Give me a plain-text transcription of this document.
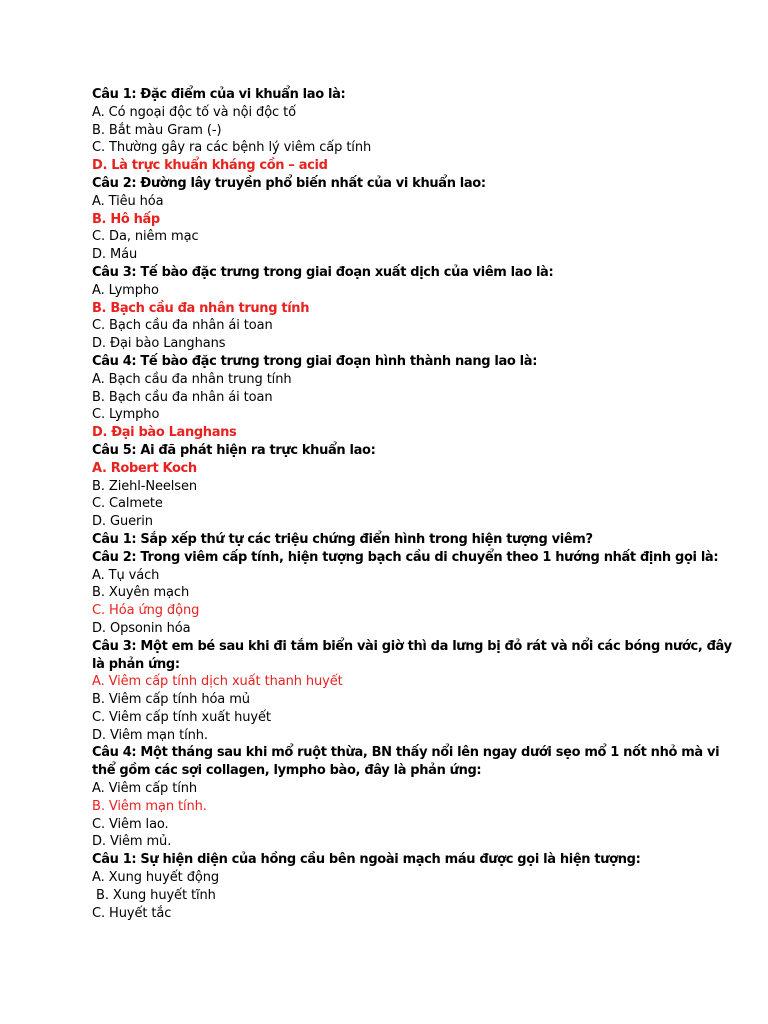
Câu 1: Đặc điểm của vi khuẩn lao là:
A. Có ngoại độc tố và nội độc tố
B. Bắt màu Gram (-)
C. Thường gây ra các bệnh lý viêm cấp tính
D. Là trực khuẩn kháng cồn – acid
Câu 2: Đường lây truyền phổ biến nhất của vi khuẩn lao:
A. Tiêu hóa
B. Hô hấp
C. Da, niêm mạc
D. Máu
Câu 3: Tế bào đặc trưng trong giai đoạn xuất dịch của viêm lao là:
A. Lympho
B. Bạch cầu đa nhân trung tính
C. Bạch cầu đa nhân ái toan
D. Đại bào Langhans
Câu 4: Tế bào đặc trưng trong giai đoạn hình thành nang lao là:
A. Bạch cầu đa nhân trung tính
B. Bạch cầu đa nhân ái toan
C. Lympho
D. Đại bào Langhans
Câu 5: Ai đã phát hiện ra trực khuẩn lao:
A. Robert Koch
B. Ziehl-Neelsen
C. Calmete
D. Guerin
Câu 1: Sắp xếp thứ tự các triệu chứng điển hình trong hiện tượng viêm?
Câu 2: Trong viêm cấp tính, hiện tượng bạch cầu di chuyển theo 1 hướng nhất định gọi là:
A. Tụ vách
B. Xuyên mạch
C. Hóa ứng động
D. Opsonin hóa
Câu 3: Một em bé sau khi đi tắm biển vài giờ thì da lưng bị đỏ rát và nổi các bóng nước, đây là phản ứng:
A. Viêm cấp tính dịch xuất thanh huyết
B. Viêm cấp tính hóa mủ
C. Viêm cấp tính xuất huyết
D. Viêm mạn tính.
Câu 4: Một tháng sau khi mổ ruột thừa, BN thấy nổi lên ngay dưới sẹo mổ 1 nốt nhỏ mà vi thể gồm các sợi collagen, lympho bào, đây là phản ứng:
A. Viêm cấp tính
B. Viêm mạn tính.
C. Viêm lao.
D. Viêm mủ.
Câu 1: Sự hiện diện của hồng cầu bên ngoài mạch máu được gọi là hiện tượng:
A. Xung huyết động
B. Xung huyết tĩnh
C. Huyết tắc
